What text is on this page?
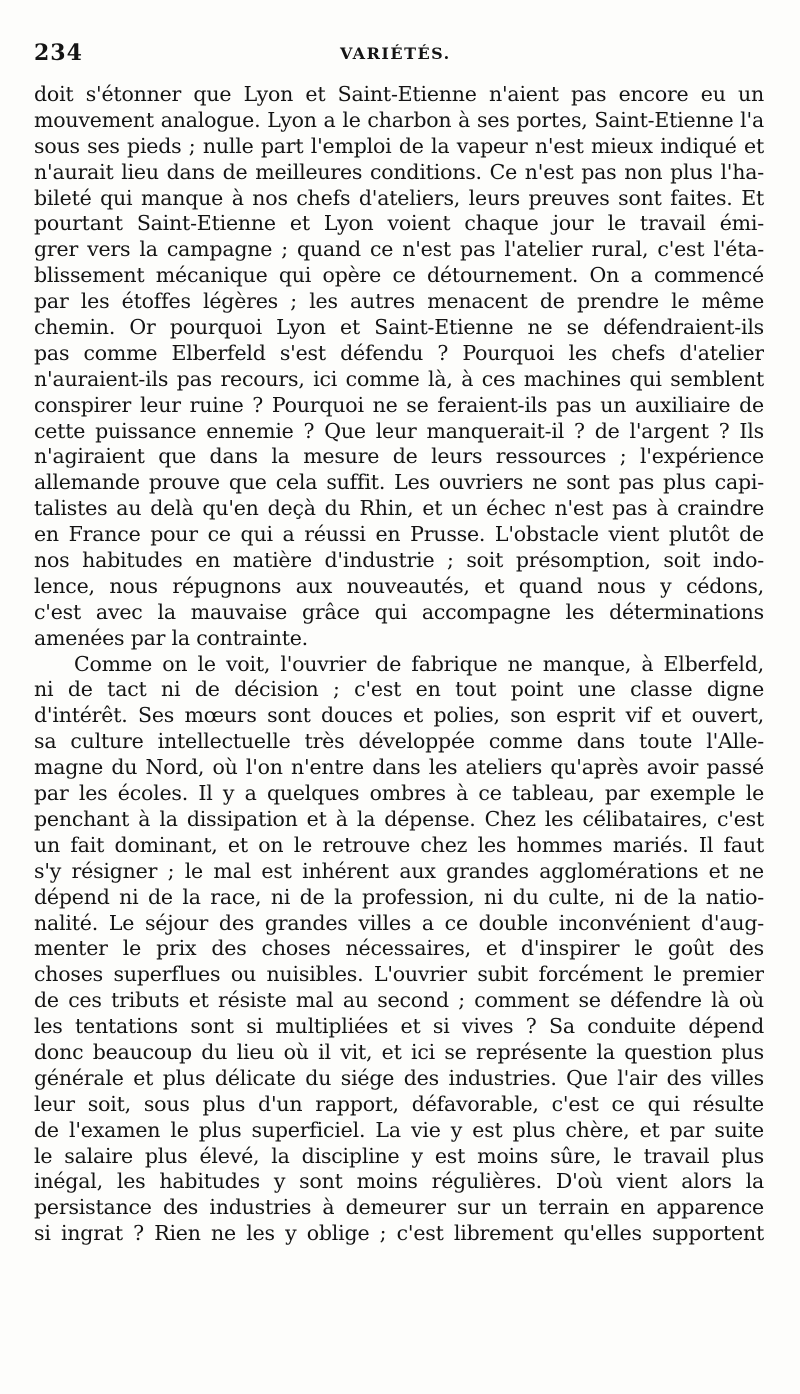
234	VARIÉTÉS.
doit s'étonner que Lyon et Saint-Etienne n'aient pas encore eu un
mouvement analogue. Lyon a le charbon à ses portes, Saint-Etienne l'a
sous ses pieds ; nulle part l'emploi de la vapeur n'est mieux indiqué et
n'aurait lieu dans de meilleures conditions. Ce n'est pas non plus l'ha-
bileté qui manque à nos chefs d'ateliers, leurs preuves sont faites. Et
pourtant Saint-Etienne et Lyon voient chaque jour le travail émi-
grer vers la campagne ; quand ce n'est pas l'atelier rural, c'est l'éta-
blissement mécanique qui opère ce détournement. On a commencé
par les étoffes légères ; les autres menacent de prendre le même
chemin. Or pourquoi Lyon et Saint-Etienne ne se défendraient-ils
pas comme Elberfeld s'est défendu ? Pourquoi les chefs d'atelier
n'auraient-ils pas recours, ici comme là, à ces machines qui semblent
conspirer leur ruine ? Pourquoi ne se feraient-ils pas un auxiliaire de
cette puissance ennemie ? Que leur manquerait-il ? de l'argent ? Ils
n'agiraient que dans la mesure de leurs ressources ; l'expérience
allemande prouve que cela suffit. Les ouvriers ne sont pas plus capi-
talistes au delà qu'en deçà du Rhin, et un échec n'est pas à craindre
en France pour ce qui a réussi en Prusse. L'obstacle vient plutôt de
nos habitudes en matière d'industrie ; soit présomption, soit indo-
lence, nous répugnons aux nouveautés, et quand nous y cédons,
c'est avec la mauvaise grâce qui accompagne les déterminations
amenées par la contrainte.
Comme on le voit, l'ouvrier de fabrique ne manque, à Elberfeld,
ni de tact ni de décision ; c'est en tout point une classe digne
d'intérêt. Ses mœurs sont douces et polies, son esprit vif et ouvert,
sa culture intellectuelle très développée comme dans toute l'Alle-
magne du Nord, où l'on n'entre dans les ateliers qu'après avoir passé
par les écoles. Il y a quelques ombres à ce tableau, par exemple le
penchant à la dissipation et à la dépense. Chez les célibataires, c'est
un fait dominant, et on le retrouve chez les hommes mariés. Il faut
s'y résigner ; le mal est inhérent aux grandes agglomérations et ne
dépend ni de la race, ni de la profession, ni du culte, ni de la natio-
nalité. Le séjour des grandes villes a ce double inconvénient d'aug-
menter le prix des choses nécessaires, et d'inspirer le goût des
choses superflues ou nuisibles. L'ouvrier subit forcément le premier
de ces tributs et résiste mal au second ; comment se défendre là où
les tentations sont si multipliées et si vives ? Sa conduite dépend
donc beaucoup du lieu où il vit, et ici se représente la question plus
générale et plus délicate du siége des industries. Que l'air des villes
leur soit, sous plus d'un rapport, défavorable, c'est ce qui résulte
de l'examen le plus superficiel. La vie y est plus chère, et par suite
le salaire plus élevé, la discipline y est moins sûre, le travail plus
inégal, les habitudes y sont moins régulières. D'où vient alors la
persistance des industries à demeurer sur un terrain en apparence
si ingrat ? Rien ne les y oblige ; c'est librement qu'elles supportent
